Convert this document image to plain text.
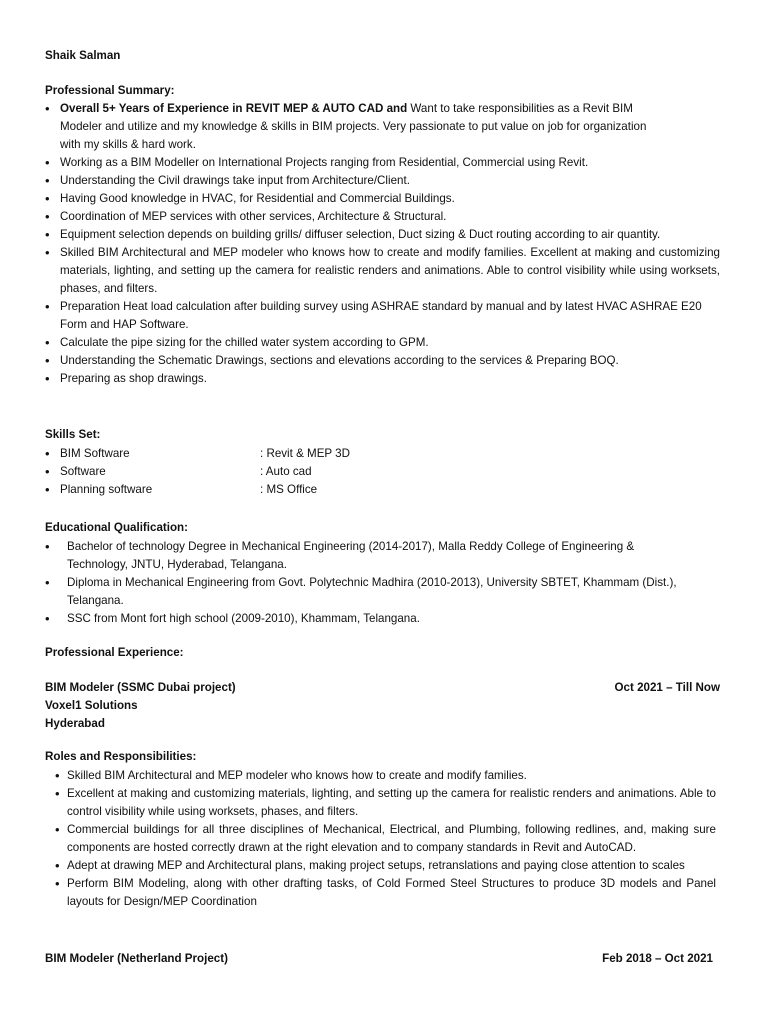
Shaik Salman
Professional Summary:
• Overall 5+ Years of Experience in REVIT MEP & AUTO CAD and Want to take responsibilities as a Revit BIM Modeler and utilize and my knowledge & skills in BIM projects. Very passionate to put value on job for organization with my skills & hard work.
• Working as a BIM Modeller on International Projects ranging from Residential, Commercial using Revit.
• Understanding the Civil drawings take input from Architecture/Client.
• Having Good knowledge in HVAC, for Residential and Commercial Buildings.
• Coordination of MEP services with other services, Architecture & Structural.
• Equipment selection depends on building grills/ diffuser selection, Duct sizing & Duct routing according to air quantity.
• Skilled BIM Architectural and MEP modeler who knows how to create and modify families. Excellent at making and customizing materials, lighting, and setting up the camera for realistic renders and animations. Able to control visibility while using worksets, phases, and filters.
• Preparation Heat load calculation after building survey using ASHRAE standard by manual and by latest HVAC ASHRAE E20 Form and HAP Software.
• Calculate the pipe sizing for the chilled water system according to GPM.
• Understanding the Schematic Drawings, sections and elevations according to the services & Preparing BOQ.
• Preparing as shop drawings.
Skills Set:
• BIM Software	: Revit & MEP 3D
• Software	: Auto cad
• Planning software	: MS Office
Educational Qualification:
• Bachelor of technology Degree in Mechanical Engineering (2014-2017), Malla Reddy College of Engineering & Technology, JNTU, Hyderabad, Telangana.
• Diploma in Mechanical Engineering from Govt. Polytechnic Madhira (2010-2013), University SBTET, Khammam (Dist.), Telangana.
• SSC from Mont fort high school (2009-2010), Khammam, Telangana.
Professional Experience:
BIM Modeler (SSMC Dubai project)	Oct 2021 – Till Now
Voxel1 Solutions
Hyderabad
Roles and Responsibilities:
• Skilled BIM Architectural and MEP modeler who knows how to create and modify families.
• Excellent at making and customizing materials, lighting, and setting up the camera for realistic renders and animations. Able to control visibility while using worksets, phases, and filters.
• Commercial buildings for all three disciplines of Mechanical, Electrical, and Plumbing, following redlines, and, making sure components are hosted correctly drawn at the right elevation and to company standards in Revit and AutoCAD.
• Adept at drawing MEP and Architectural plans, making project setups, retranslations and paying close attention to scales
• Perform BIM Modeling, along with other drafting tasks, of Cold Formed Steel Structures to produce 3D models and Panel layouts for Design/MEP Coordination
BIM Modeler (Netherland Project)	Feb 2018 – Oct 2021
